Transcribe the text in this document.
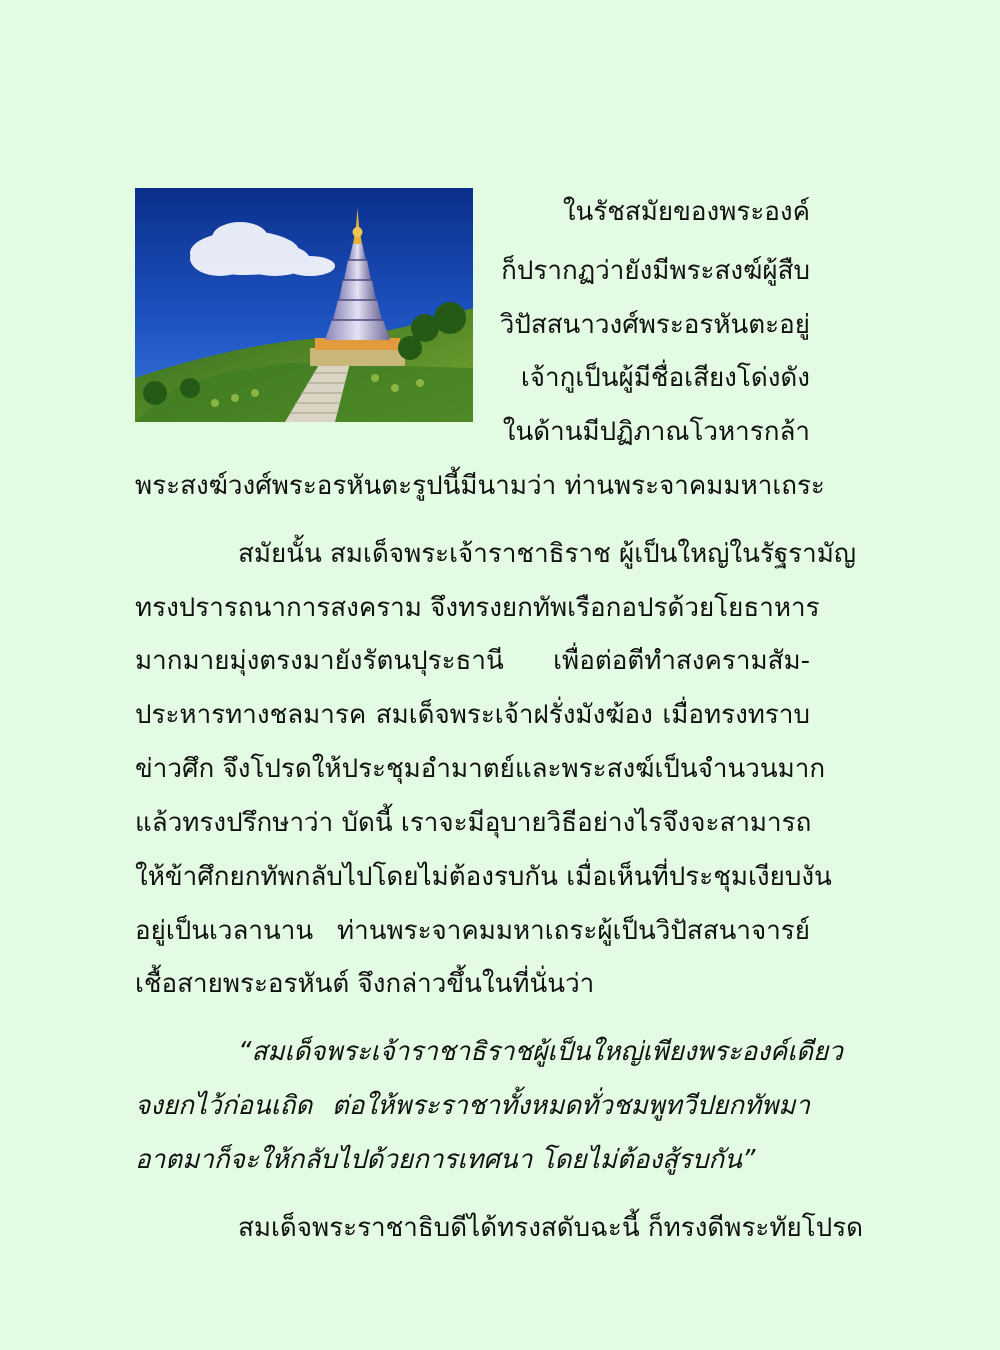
ในรัชสมัยของพระองค์
ก็ปรากฏว่ายังมีพระสงฆ์ผู้สืบ
วิปัสสนาวงศ์พระอรหันตะอยู่
เจ้ากูเป็นผู้มีชื่อเสียงโด่งดัง
ในด้านมีปฏิภาณโวหารกล้า
พระสงฆ์วงศ์พระอรหันตะรูปนี้มีนามว่า ท่านพระจาคมมหาเถระ
สมัยนั้น สมเด็จพระเจ้าราชาธิราช ผู้เป็นใหญ่ในรัฐรามัญ
ทรงปรารถนาการสงคราม จึงทรงยกทัพเรือกอปรด้วยโยธาหาร
มากมายมุ่งตรงมายังรัตนปุระธานี เพื่อต่อตีทำสงครามสัม-
ประหารทางชลมารค สมเด็จพระเจ้าฝรั่งมังฆ้อง เมื่อทรงทราบ
ข่าวศึก จึงโปรดให้ประชุมอำมาตย์และพระสงฆ์เป็นจำนวนมาก
แล้วทรงปรึกษาว่า บัดนี้ เราจะมีอุบายวิธีอย่างไรจึงจะสามารถ
ให้ข้าศึกยกทัพกลับไปโดยไม่ต้องรบกัน เมื่อเห็นที่ประชุมเงียบงัน
อยู่เป็นเวลานาน ท่านพระจาคมมหาเถระผู้เป็นวิปัสสนาจารย์
เชื้อสายพระอรหันต์ จึงกล่าวขึ้นในที่นั่นว่า
“สมเด็จพระเจ้าราชาธิราชผู้เป็นใหญ่เพียงพระองค์เดียว
จงยกไว้ก่อนเถิด ต่อให้พระราชาทั้งหมดทั่วชมพูทวีปยกทัพมา
อาตมาก็จะให้กลับไปด้วยการเทศนา โดยไม่ต้องสู้รบกัน”
สมเด็จพระราชาธิบดีได้ทรงสดับฉะนี้ ก็ทรงดีพระทัยโปรด
